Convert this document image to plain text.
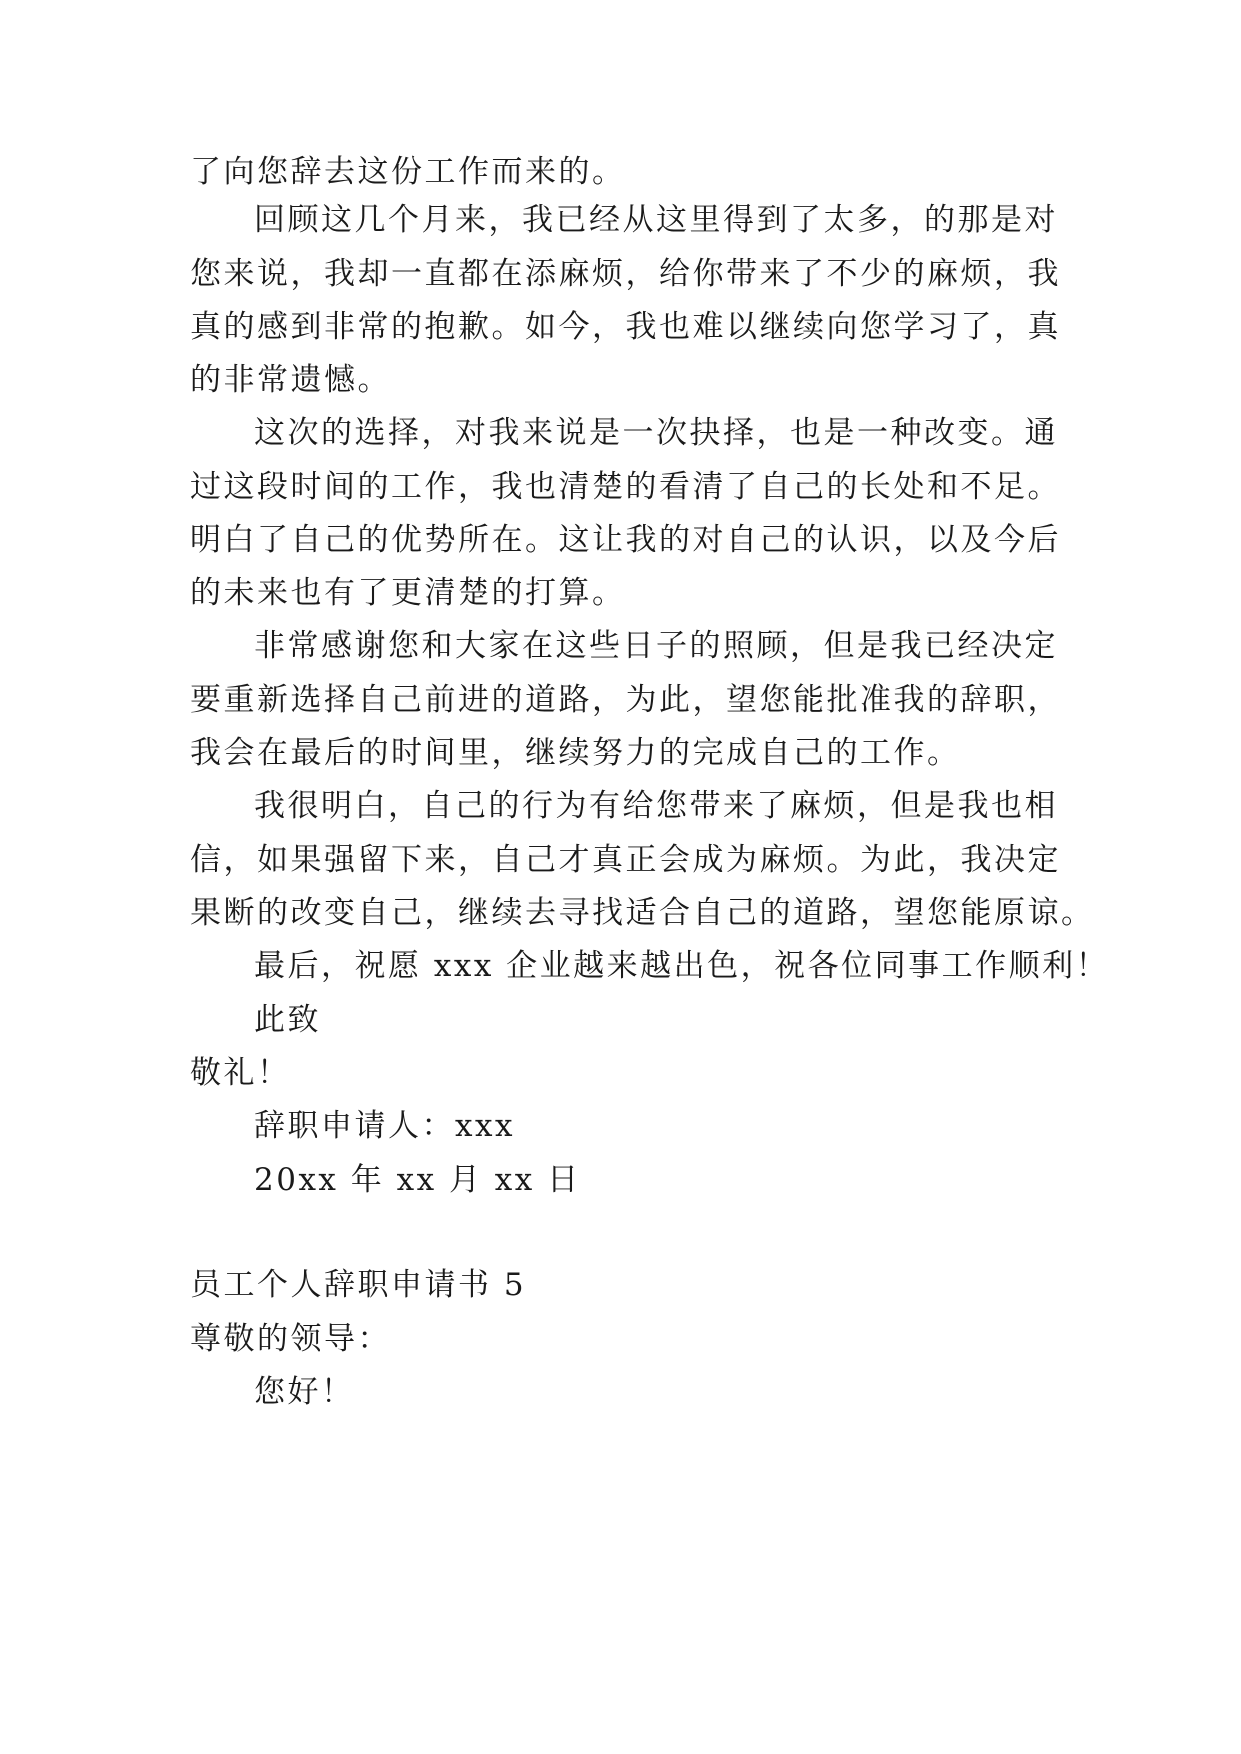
了向您辞去这份工作而来的。
回顾这几个月来，我已经从这里得到了太多，的那是对
您来说，我却一直都在添麻烦，给你带来了不少的麻烦，我
真的感到非常的抱歉。如今，我也难以继续向您学习了，真
的非常遗憾。
这次的选择，对我来说是一次抉择，也是一种改变。通
过这段时间的工作，我也清楚的看清了自己的长处和不足。
明白了自己的优势所在。这让我的对自己的认识，以及今后
的未来也有了更清楚的打算。
非常感谢您和大家在这些日子的照顾，但是我已经决定
要重新选择自己前进的道路，为此，望您能批准我的辞职，
我会在最后的时间里，继续努力的完成自己的工作。
我很明白，自己的行为有给您带来了麻烦，但是我也相
信，如果强留下来，自己才真正会成为麻烦。为此，我决定
果断的改变自己，继续去寻找适合自己的道路，望您能原谅。
最后，祝愿 xxx 企业越来越出色，祝各位同事工作顺利！
此致
敬礼！
辞职申请人：xxx
20xx 年 xx 月 xx 日
员工个人辞职申请书 5
尊敬的领导：
您好！
